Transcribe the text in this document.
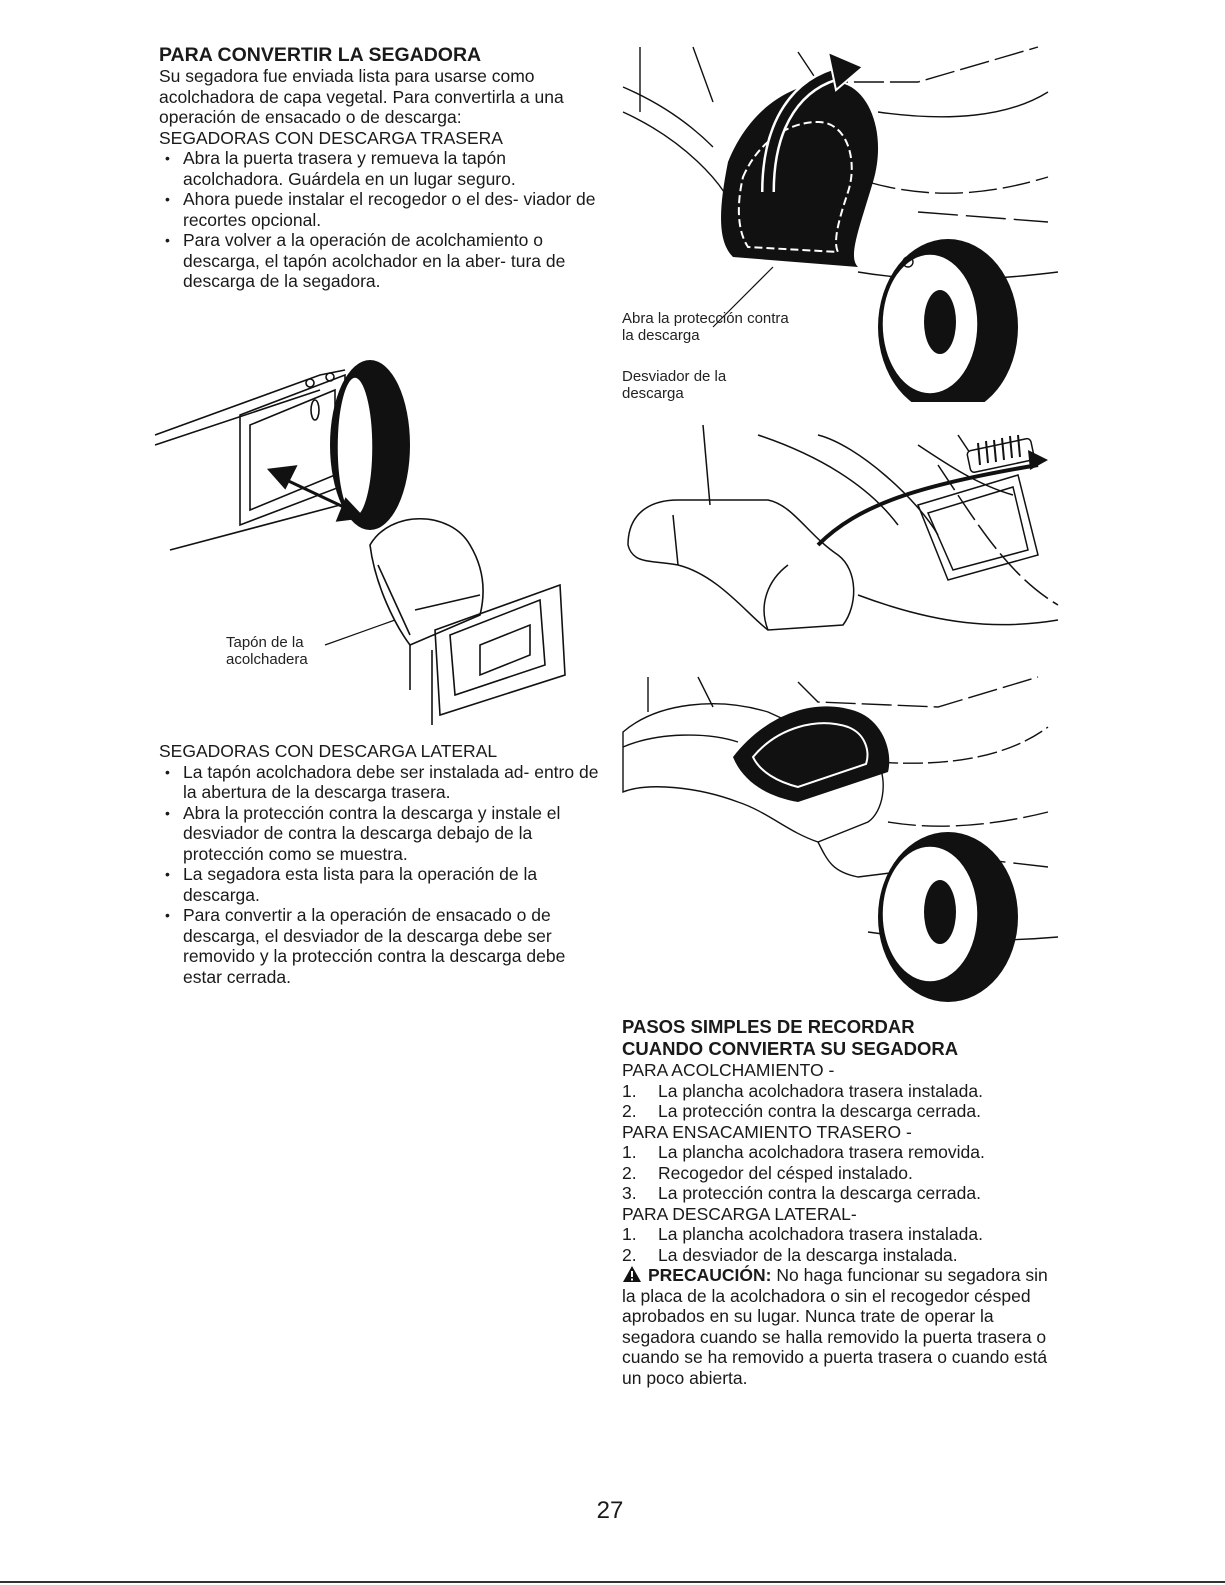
PARA CONVERTIR LA SEGADORA
Su segadora fue enviada lista para usarse como acolchadora de capa vegetal. Para convertirla a una operación de ensacado o de descarga:
SEGADORAS CON DESCARGA TRASERA
• Abra la puerta trasera y remueva la tapón acolchadora. Guárdela en un lugar seguro.
• Ahora puede instalar el recogedor o el des- viador de recortes opcional.
• Para volver a la operación de acolchamiento o descarga, el tapón acolchador en la aber- tura de descarga de la segadora.
Tapón de la acolchadera
SEGADORAS CON DESCARGA LATERAL
• La tapón acolchadora debe ser instalada ad- entro de la abertura de la descarga trasera.
• Abra la protección contra la descarga y instale el desviador de contra la descarga debajo de la protección como se muestra.
• La segadora esta lista para la operación de la descarga.
• Para convertir a la operación de ensacado o de descarga, el desviador de la descarga debe ser removido y la protección contra la descarga debe estar cerrada.
Abra la protección contra la descarga
Desviador de la descarga
PASOS SIMPLES DE RECORDAR
CUANDO CONVIERTA SU SEGADORA
PARA ACOLCHAMIENTO -
1.	La plancha acolchadora trasera instalada.
2.	La protección contra la descarga cerrada.
PARA ENSACAMIENTO TRASERO -
1.	La plancha acolchadora trasera removida.
2.	Recogedor del césped instalado.
3.	La protección contra la descarga cerrada.
PARA DESCARGA LATERAL-
1.	La plancha acolchadora trasera instalada.
2.	La desviador de la descarga instalada.
PRECAUCIÓN: No haga funcionar su segadora sin la placa de la acolchadora o sin el recogedor césped aprobados en su lugar. Nunca trate de operar la segadora cuando se halla removido la puerta trasera o cuando se ha removido a puerta trasera o cuando está un poco abierta.
27
